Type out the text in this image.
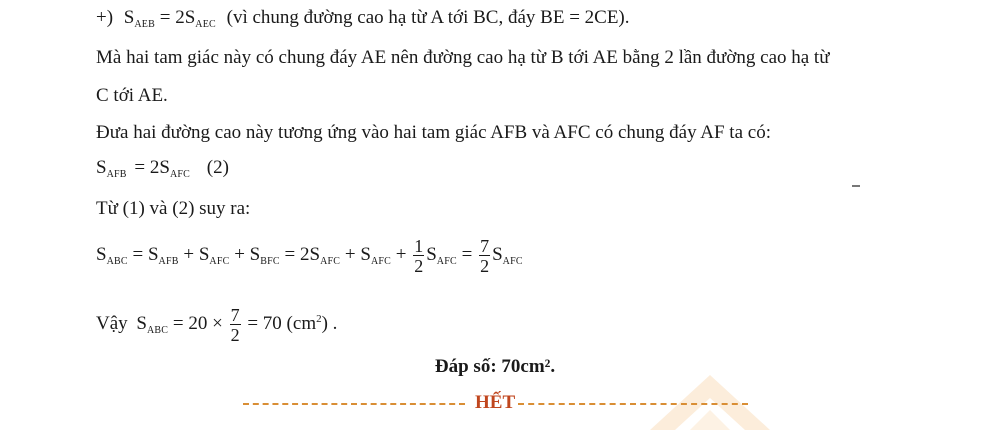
+) $S_{AEB} = 2S_{AEC}$ (vì chung đường cao hạ từ A tới BC, đáy BE = 2CE).
Mà hai tam giác này có chung đáy AE nên đường cao hạ từ B tới AE bằng 2 lần đường cao hạ từ
C tới AE.
Đưa hai đường cao này tương ứng vào hai tam giác AFB và AFC có chung đáy AF ta có:
$S_{AFB} = 2S_{AFC}$ (2)
Từ (1) và (2) suy ra:
$S_{ABC} = S_{AFB} + S_{AFC} + S_{BFC} = 2S_{AFC} + S_{AFC} + \frac{1}{2} S_{AFC} = \frac{7}{2} S_{AFC}$
Vậy $S_{ABC} = 20 \times \frac{7}{2} = 70$ $(cm^2)$ .
Đáp số: 70cm².
HẾT
